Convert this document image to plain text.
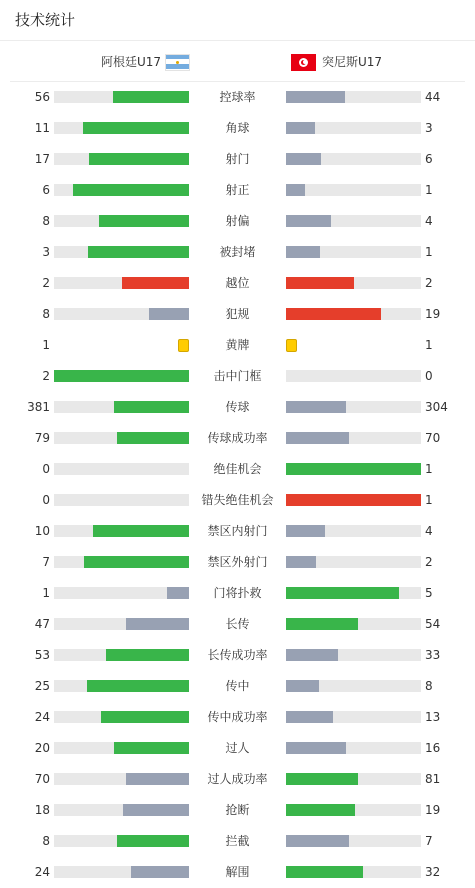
技术统计
阿根廷U17	突尼斯U17
56	控球率	44
11	角球	3
17	射门	6
6	射正	1
8	射偏	4
3	被封堵	1
2	越位	2
8	犯规	19
1	黄牌	1
2	击中门框	0
381	传球	304
79	传球成功率	70
0	绝佳机会	1
0	错失绝佳机会	1
10	禁区内射门	4
7	禁区外射门	2
1	门将扑救	5
47	长传	54
53	长传成功率	33
25	传中	8
24	传中成功率	13
20	过人	16
70	过人成功率	81
18	抢断	19
8	拦截	7
24	解围	32
